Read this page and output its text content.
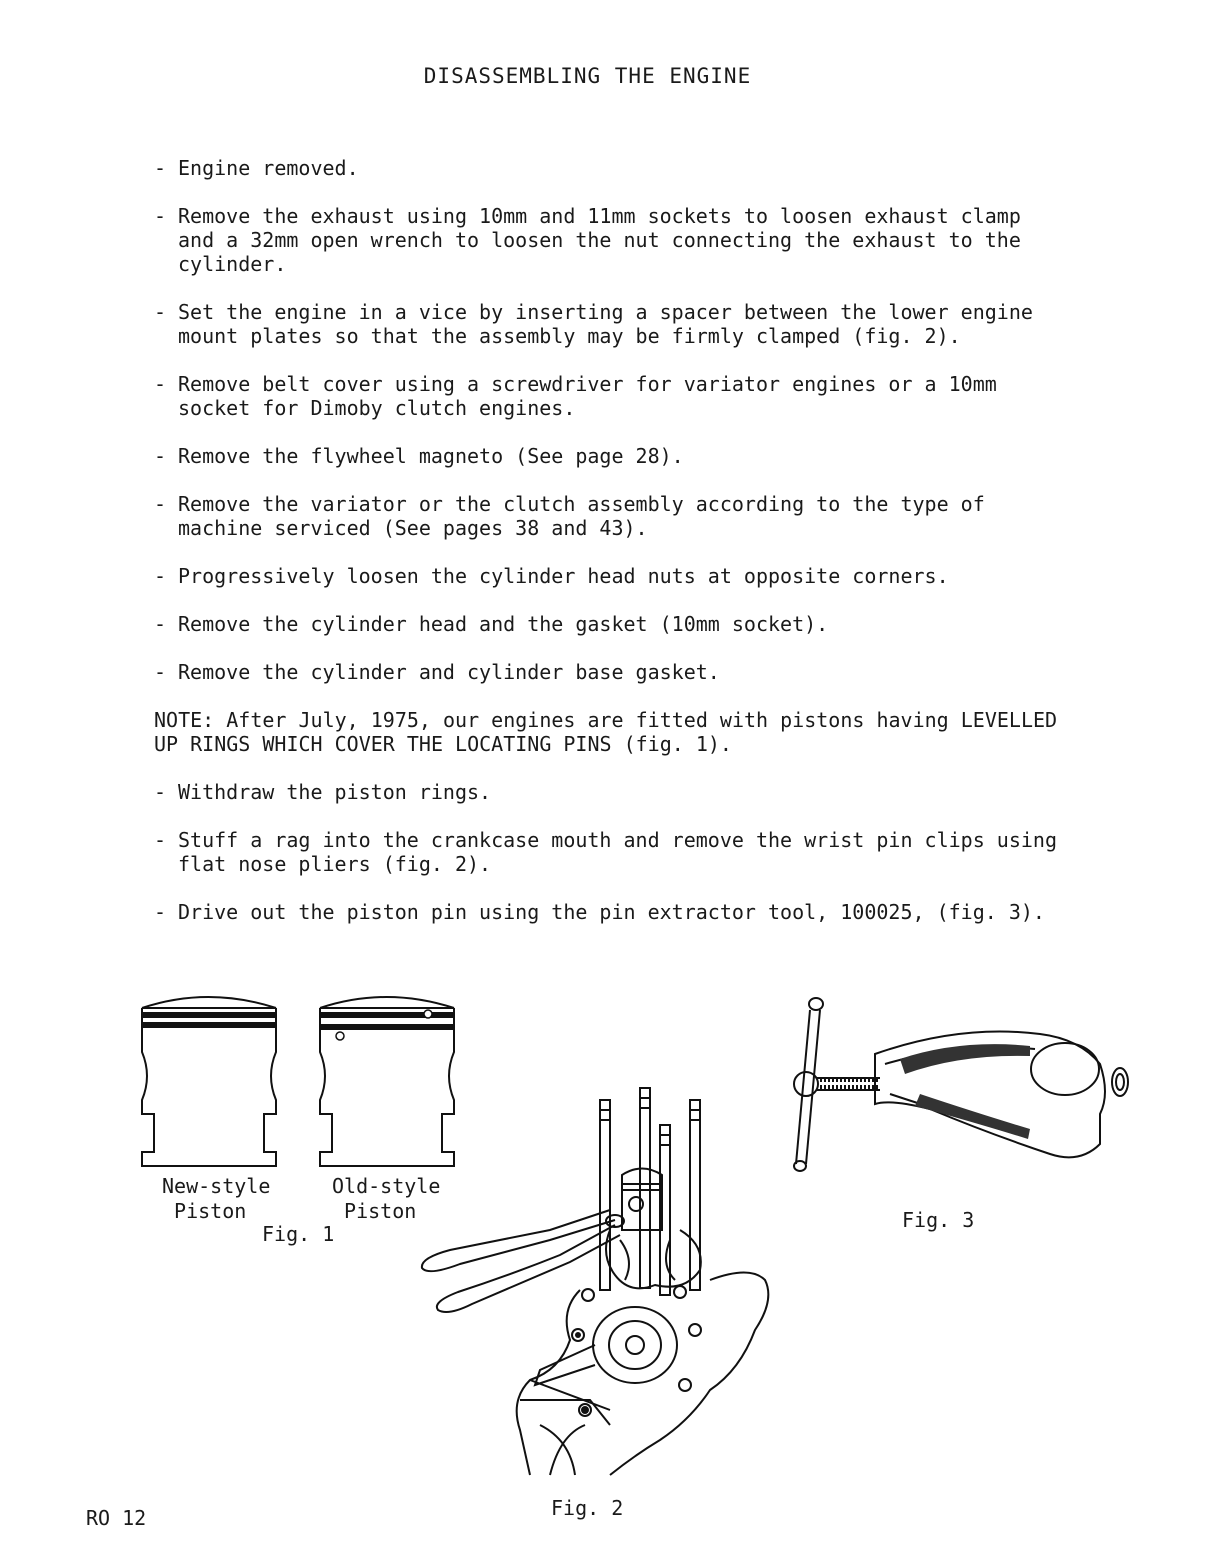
DISASSEMBLING THE ENGINE
- Engine removed.
- Remove the exhaust using 10mm and 11mm sockets to loosen exhaust clamp
and a 32mm open wrench to loosen the nut connecting the exhaust to the
cylinder.
- Set the engine in a vice by inserting a spacer between the lower engine
mount plates so that the assembly may be firmly clamped (fig. 2).
- Remove belt cover using a screwdriver for variator engines or a 10mm
socket for Dimoby clutch engines.
- Remove the flywheel magneto (See page 28).
- Remove the variator or the clutch assembly according to the type of
machine serviced (See pages 38 and 43).
- Progressively loosen the cylinder head nuts at opposite corners.
- Remove the cylinder head and the gasket (10mm socket).
- Remove the cylinder and cylinder base gasket.
NOTE: After July, 1975, our engines are fitted with pistons having LEVELLED
UP RINGS WHICH COVER THE LOCATING PINS (fig. 1).
- Withdraw the piston rings.
- Stuff a rag into the crankcase mouth and remove the wrist pin clips using
flat nose pliers (fig. 2).
- Drive out the piston pin using the pin extractor tool, 100025, (fig. 3).
New-style
Piston
Old-style
Piston
Fig. 1
Fig. 2
Fig. 3
RO 12
